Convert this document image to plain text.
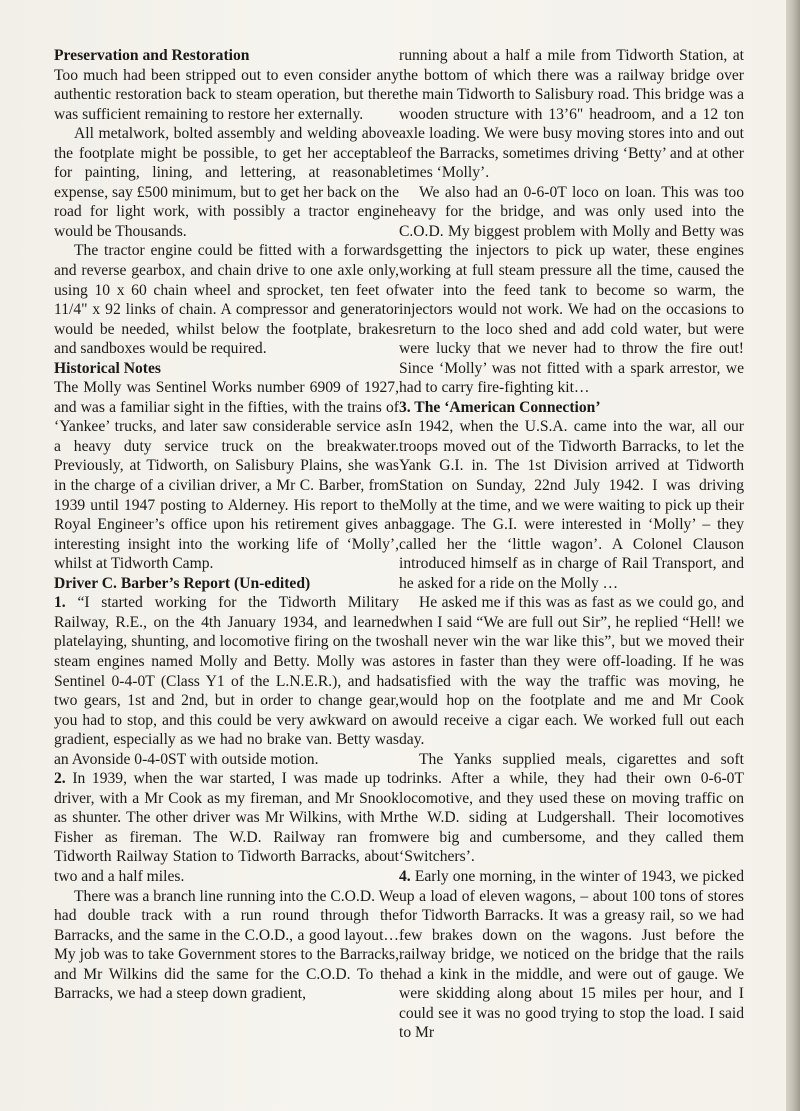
Preservation and Restoration

Too much had been stripped out to even consider any authentic restoration back to steam operation, but there was sufficient remaining to restore her externally.

All metalwork, bolted assembly and welding above the footplate might be possible, to get her acceptable for painting, lining, and lettering, at reasonable expense, say £500 minimum, but to get her back on the road for light work, with possibly a tractor engine would be Thousands.

The tractor engine could be fitted with a forwards and reverse gearbox, and chain drive to one axle only, using 10 x 60 chain wheel and sprocket, ten feet of 11/4" x 92 links of chain. A compressor and generator would be needed, whilst below the footplate, brakes and sandboxes would be required.

Historical Notes

The Molly was Sentinel Works number 6909 of 1927, and was a familiar sight in the fifties, with the trains of ‘Yankee’ trucks, and later saw considerable service as a heavy duty service truck on the breakwater. Previously, at Tidworth, on Salisbury Plains, she was in the charge of a civilian driver, a Mr C. Barber, from 1939 until 1947 posting to Alderney. His report to the Royal Engineer’s office upon his retirement gives an interesting insight into the working life of ‘Molly’, whilst at Tidworth Camp.

Driver C. Barber’s Report (Un-edited)

1. “I started working for the Tidworth Military Railway, R.E., on the 4th January 1934, and learned platelaying, shunting, and locomotive firing on the two steam engines named Molly and Betty. Molly was a Sentinel 0-4-0T (Class Y1 of the L.N.E.R.), and had two gears, 1st and 2nd, but in order to change gear, you had to stop, and this could be very awkward on a gradient, especially as we had no brake van. Betty was an Avonside 0-4-0ST with outside motion.

2. In 1939, when the war started, I was made up to driver, with a Mr Cook as my fireman, and Mr Snook as shunter. The other driver was Mr Wilkins, with Mr Fisher as fireman. The W.D. Railway ran from Tidworth Railway Station to Tidworth Barracks, about two and a half miles.

There was a branch line running into the C.O.D. We had double track with a run round through the Barracks, and the same in the C.O.D., a good layout… My job was to take Government stores to the Barracks, and Mr Wilkins did the same for the C.O.D. To the Barracks, we had a steep down gradient,

running about a half a mile from Tidworth Station, at the bottom of which there was a railway bridge over the main Tidworth to Salisbury road. This bridge was a wooden structure with 13’6" headroom, and a 12 ton axle loading. We were busy moving stores into and out of the Barracks, sometimes driving ‘Betty’ and at other times ‘Molly’.

We also had an 0-6-0T loco on loan. This was too heavy for the bridge, and was only used into the C.O.D. My biggest problem with Molly and Betty was getting the injectors to pick up water, these engines working at full steam pressure all the time, caused the water into the feed tank to become so warm, the injectors would not work. We had on the occasions to return to the loco shed and add cold water, but were were lucky that we never had to throw the fire out! Since ‘Molly’ was not fitted with a spark arrestor, we had to carry fire-fighting kit…

3. The ‘American Connection’

In 1942, when the U.S.A. came into the war, all our troops moved out of the Tidworth Barracks, to let the Yank G.I. in. The 1st Division arrived at Tidworth Station on Sunday, 22nd July 1942. I was driving Molly at the time, and we were waiting to pick up their baggage. The G.I. were interested in ‘Molly’ – they called her the ‘little wagon’. A Colonel Clauson introduced himself as in charge of Rail Transport, and he asked for a ride on the Molly …

He asked me if this was as fast as we could go, and when I said “We are full out Sir”, he replied “Hell! we shall never win the war like this”, but we moved their stores in faster than they were off-loading. If he was satisfied with the way the traffic was moving, he would hop on the footplate and me and Mr Cook would receive a cigar each. We worked full out each day.

The Yanks supplied meals, cigarettes and soft drinks. After a while, they had their own 0-6-0T locomotive, and they used these on moving traffic on the W.D. siding at Ludgershall. Their locomotives were big and cumbersome, and they called them ‘Switchers’.

4. Early one morning, in the winter of 1943, we picked up a load of eleven wagons, – about 100 tons of stores for Tidworth Barracks. It was a greasy rail, so we had few brakes down on the wagons. Just before the railway bridge, we noticed on the bridge that the rails had a kink in the middle, and were out of gauge. We were skidding along about 15 miles per hour, and I could see it was no good trying to stop the load. I said to Mr
